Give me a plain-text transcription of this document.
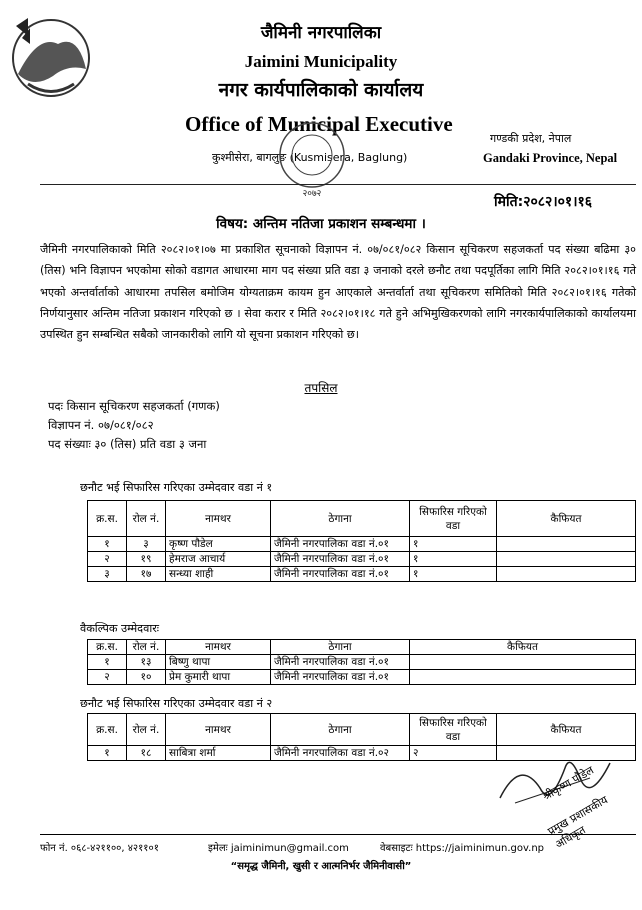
जैमिनी नगरपालिका
Jaimini Municipality
नगर कार्यपालिकाको कार्यालय
Office of Municipal Executive
कुश्मीसेरा, बागलुङ (Kusmisera, Baglung)
गण्डकी प्रदेश, नेपाल
Gandaki Province, Nepal
२०७२	मिति:२०८२।०१।१६
विषय: अन्तिम नतिजा प्रकाशन सम्बन्धमा ।
जैमिनी नगरपालिकाको मिति २०८२।०१।०७ मा प्रकाशित सूचनाको विज्ञापन नं. ०७/०८१/०८२ किसान सूचिकरण सहजकर्ता पद संख्या बढिमा ३० (तिस) भनि विज्ञापन भएकोमा सोको वडागत आधारमा माग पद संख्या प्रति वडा ३ जनाको दरले छनौट तथा पदपूर्तिका लागि मिति २०८२।०१।१६ गते भएको अन्तर्वार्ताको आधारमा तपसिल बमोजिम योग्यताक्रम कायम हुन आएकाले अन्तर्वार्ता तथा सूचिकरण समितिको मिति २०८२।०१।१६ गतेको निर्णयानुसार अन्तिम नतिजा प्रकाशन गरिएको छ । सेवा करार र मिति २०८२।०१।१८ गते हुने अभिमुखिकरणको लागि नगरकार्यपालिकाको कार्यालयमा उपस्थित हुन सम्बन्धित सबैको जानकारीको लागि यो सूचना प्रकाशन गरिएको छ।
तपसिल
पदः किसान सूचिकरण सहजकर्ता (गणक)
विज्ञापन नं. ०७/०८१/०८२
पद संख्याः ३० (तिस) प्रति वडा ३ जना
छनौट भई सिफारिस गरिएका उम्मेदवार वडा नं १
क्र.स.	रोल नं.	नामथर	ठेगाना	सिफारिस गरिएको वडा	कैफियत
१	३	कृष्ण पौडेल	जैमिनी नगरपालिका वडा नं.०१	१	
२	१९	हेमराज आचार्य	जैमिनी नगरपालिका वडा नं.०१	१	
३	१७	सन्ध्या शाही	जैमिनी नगरपालिका वडा नं.०१	१	
वैकल्पिक उम्मेदवारः
क्र.स.	रोल नं.	नामथर	ठेगाना	कैफियत
१	१३	बिष्णु थापा	जैमिनी नगरपालिका वडा नं.०१	
२	१०	प्रेम कुमारी थापा	जैमिनी नगरपालिका वडा नं.०१	
छनौट भई सिफारिस गरिएका उम्मेदवार वडा नं २
क्र.स.	रोल नं.	नामथर	ठेगाना	सिफारिस गरिएको वडा	कैफियत
१	१८	साबित्रा शर्मा	जैमिनी नगरपालिका वडा नं.०२	२	
श्रीकृष्ण पौडेल
प्रमुख प्रशासकीय अधिकृत
फोन नं. ०६८-४२११००, ४२११०१	इमेलः jaiminimun@gmail.com	वेबसाइटः https://jaiminimun.gov.np
“समृद्ध जैमिनी, खुसी र आत्मनिर्भर जैमिनीवासी”
